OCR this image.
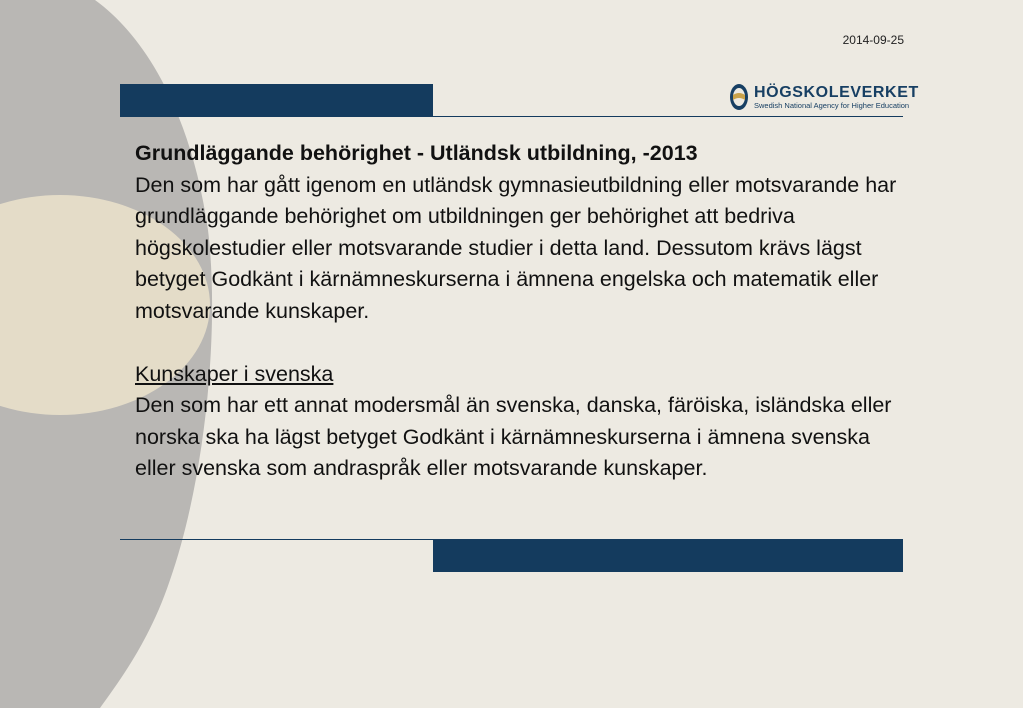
2014-09-25
HÖGSKOLEVERKET
Swedish National Agency for Higher Education

Grundläggande behörighet - Utländsk utbildning, -2013

Den som har gått igenom en utländsk gymnasieutbildning eller motsvarande har grundläggande behörighet om utbildningen ger behörighet att bedriva högskolestudier eller motsvarande studier i detta land. Dessutom krävs lägst betyget Godkänt i kärnämneskurserna i ämnena engelska och matematik eller motsvarande kunskaper.

Kunskaper i svenska

Den som har ett annat modersmål än svenska, danska, färöiska, isländska eller norska ska ha lägst betyget Godkänt i kärnämneskurserna i ämnena svenska eller svenska som andraspråk eller motsvarande kunskaper.
